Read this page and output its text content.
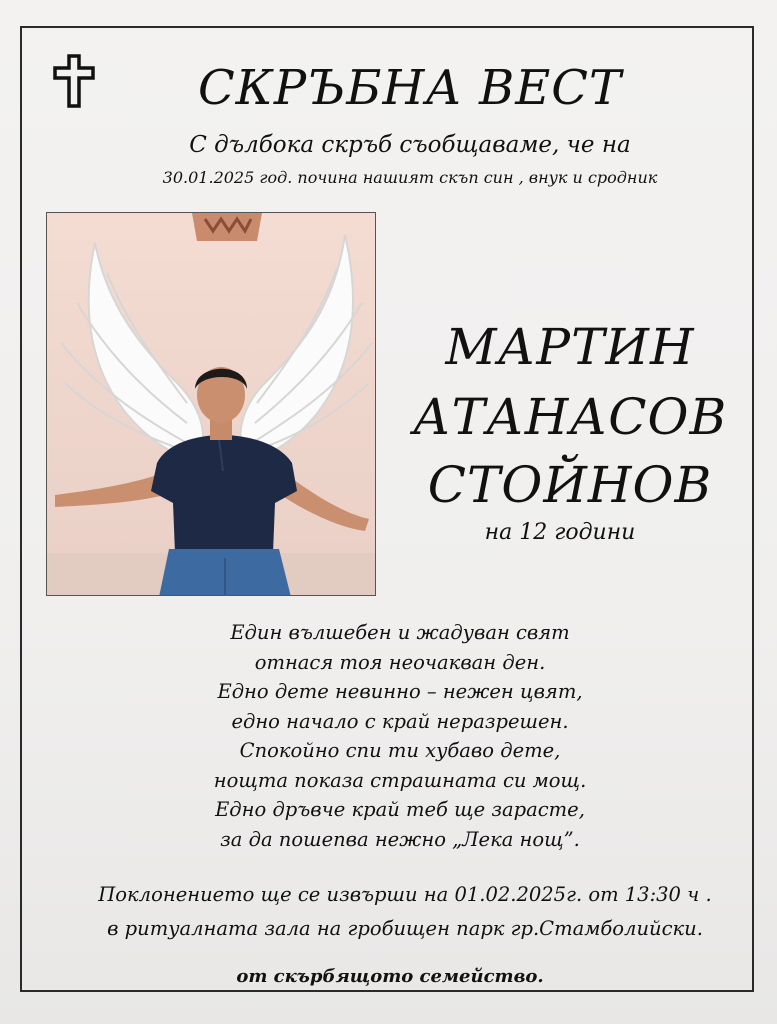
СКРЪБНА ВЕСТ
С дълбока скръб съобщаваме, че на
30.01.2025 год. почина нашият скъп син , внук и сродник
МАРТИН
АТАНАСОВ
СТОЙНОВ
на 12 години
Един вълшебен и жадуван свят
отнася тоя неочакван ден.
Едно дете невинно – нежен цвят,
едно начало с край неразрешен.
Спокойно спи ти хубаво дете,
нощта показа страшната си мощ.
Едно дръвче край теб ще зарасте,
за да пошепва нежно „Лека нощ”.
Поклонението ще се извърши на 01.02.2025г. от 13:30 ч .
в ритуалната зала на гробищен парк гр.Стамболийски.
от скърбящото семейство.
